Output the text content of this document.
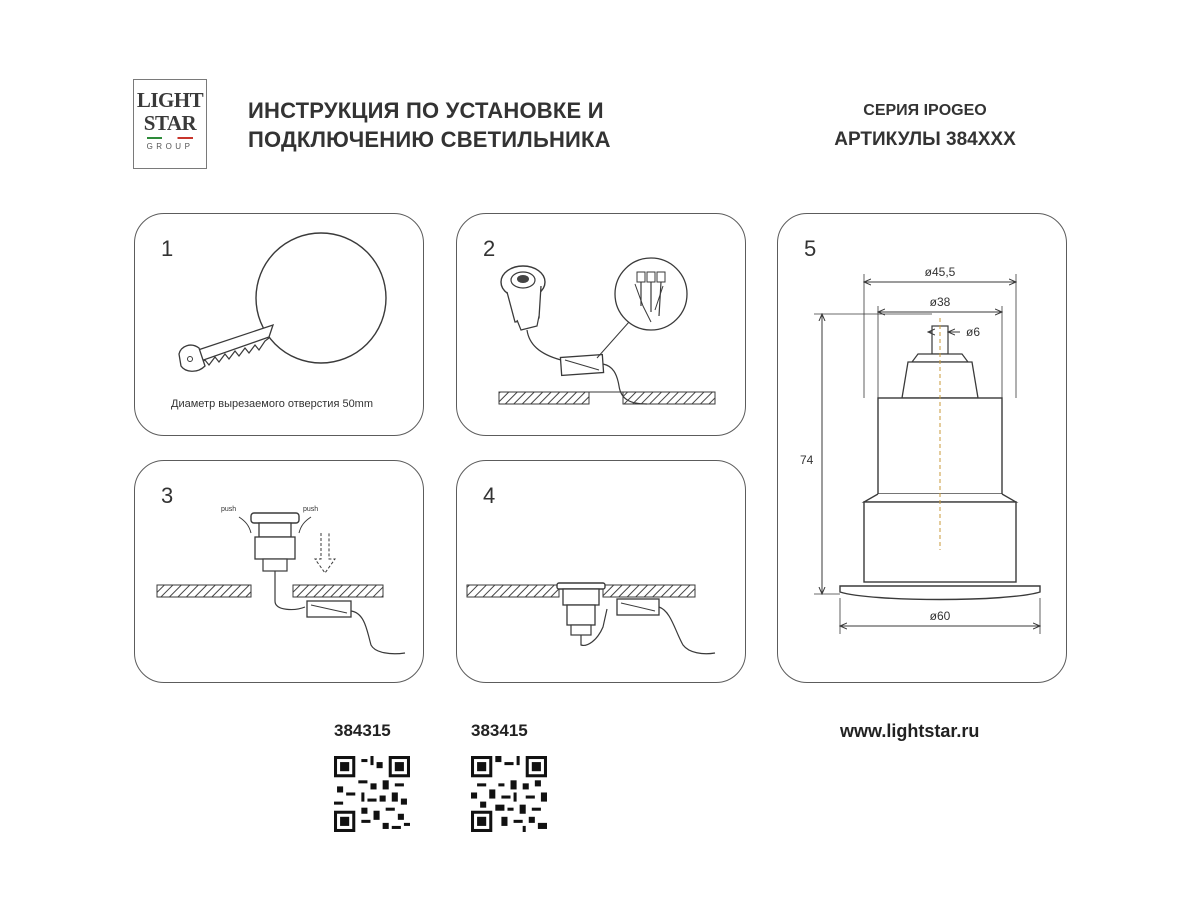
LIGHT
STAR
GROUP
ИНСТРУКЦИЯ ПО УСТАНОВКЕ И
ПОДКЛЮЧЕНИЮ СВЕТИЛЬНИКА
СЕРИЯ IPOGEO
АРТИКУЛЫ 384XXX
1
Диаметр вырезаемого отверстия 50mm
2
3
push	push
4
5
ø45,5
ø38
ø6
74
ø60
384315	383415	www.lightstar.ru
